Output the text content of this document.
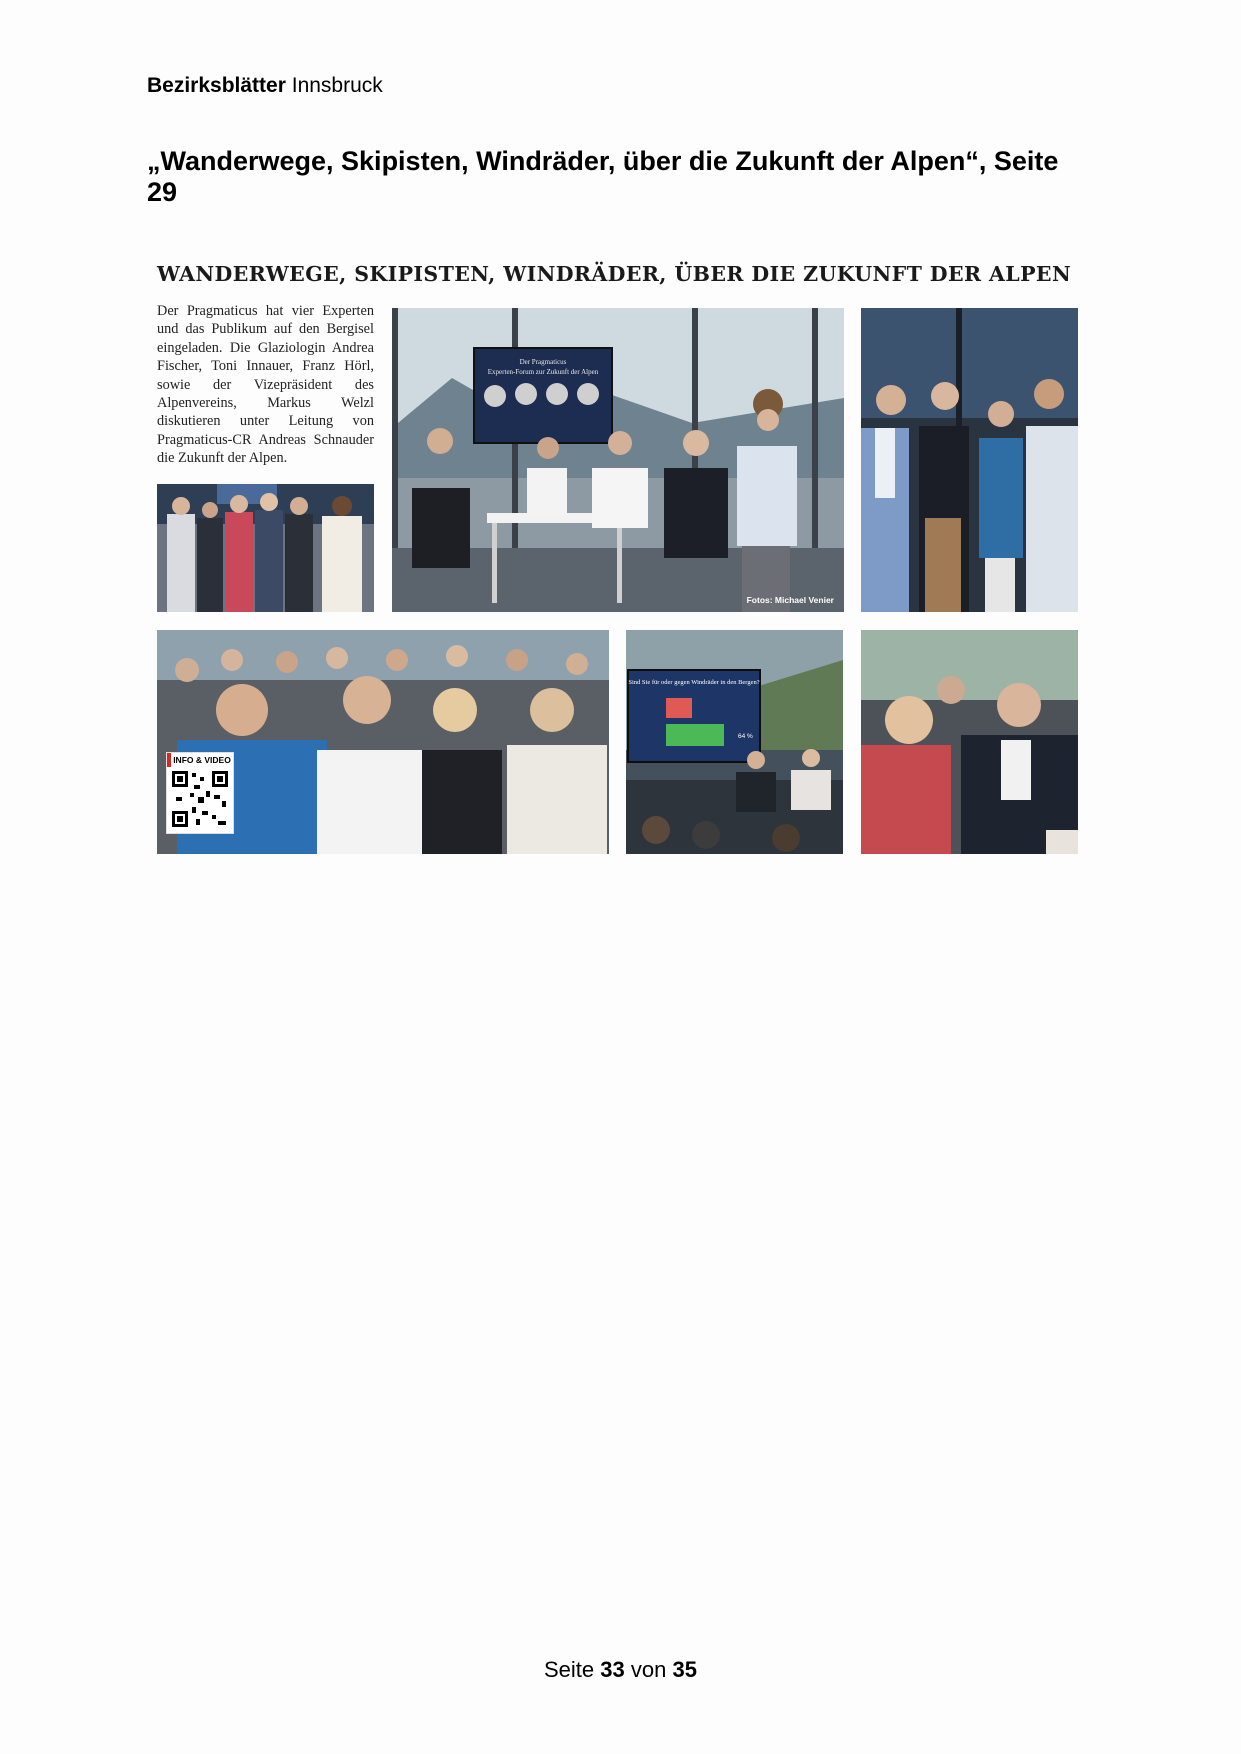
Bezirksblätter Innsbruck
„Wanderwege, Skipisten, Windräder, über die Zukunft der Alpen“, Seite 29
WANDERWEGE, SKIPISTEN, WINDRÄDER, ÜBER DIE ZUKUNFT DER ALPEN
Der Pragmaticus hat vier Experten und das Publikum auf den Bergisel eingeladen. Die Glaziologin Andrea Fischer, Toni Innauer, Franz Hörl, sowie der Vizepräsident des Alpenvereins, Markus Welzl diskutieren unter Leitung von Pragmaticus-CR Andreas Schnauder die Zukunft der Alpen.
Der Pragmaticus
Experten-Forum zur Zukunft der Alpen
Fotos: Michael Venier
INFO & VIDEO
Sind Sie für oder gegen Windräder in den Bergen?
64 %
Seite 33 von 35
